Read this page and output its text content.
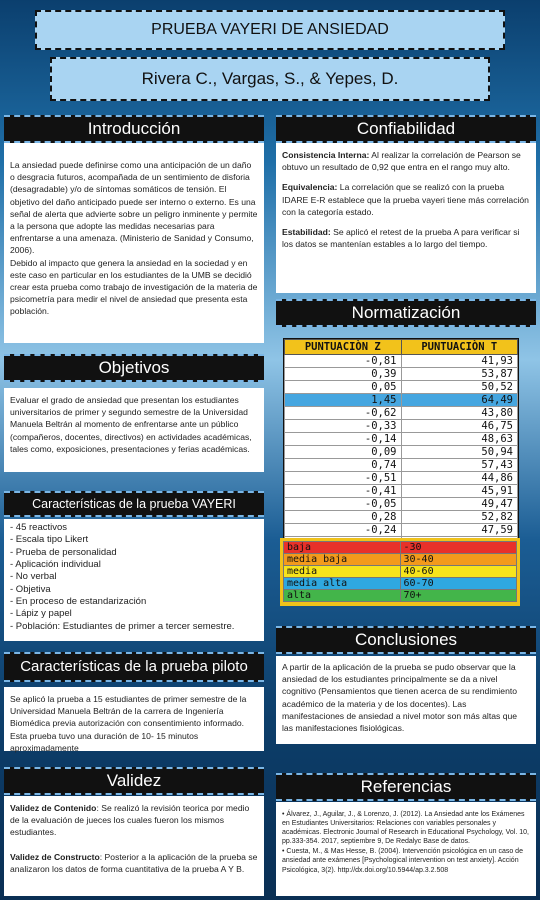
PRUEBA VAYERI DE ANSIEDAD
Rivera C., Vargas, S., & Yepes, D.
Introducción

La ansiedad puede definirse como una anticipación de un daño o desgracia futuros, acompañada de un sentimiento de disforia (desagradable) y/o de síntomas somáticos de tensión. El objetivo del daño anticipado puede ser interno o externo. Es una señal de alerta que advierte sobre un peligro inminente y permite a la persona que adopte las medidas necesarias para enfrentarse a una amenaza. (Ministerio de Sanidad y Consumo, 2006).

Debido al impacto que genera la ansiedad en la sociedad y en este caso en particular en los estudiantes de la UMB se decidió crear esta prueba como trabajo de investigación de la materia de psicometría para medir el nivel de ansiedad que presenta esta población.

Confiabilidad

Consistencia Interna: Al realizar la correlación de Pearson se obtuvo un resultado de 0,92 que entra en el rango muy alto.

Equivalencia: La correlación que se realizó con la prueba IDARE E-R establece que la prueba vayeri tiene más correlación con la categoría estado.

Estabilidad: Se aplicó el retest de la prueba A para verificar si los datos se mantenían estables a lo largo del tiempo.

Normatización
PUNTUACIÒN Z	PUNTUACIÒN T
-0,81	41,93
0,39	53,87
0,05	50,52
1,45	64,49
-0,62	43,80
-0,33	46,75
-0,14	48,63
0,09	50,94
0,74	57,43
-0,51	44,86
-0,41	45,91
-0,05	49,47
0,28	52,82
-0,24	47,59

baja	-30
media baja	30-40
media	40-60
media alta	60-70
alta	70+
Objetivos

Evaluar el grado de ansiedad que presentan los estudiantes universitarios de primer y segundo semestre de la Universidad Manuela Beltrán al momento de enfrentarse ante un público (compañeros, docentes, directivos) en actividades académicas, tales como, exposiciones, presentaciones y ferias académicas.

Características de la prueba VAYERI
- 45 reactivos
- Escala tipo Likert
- Prueba de personalidad
- Aplicación individual
- No verbal
- Objetiva
- En proceso de estandarización
- Lápiz y papel
- Población: Estudiantes de primer a tercer semestre.
Características de la prueba piloto

Se aplicó la prueba a 15 estudiantes de primer semestre de la Universidad Manuela Beltrán de la carrera de Ingeniería Biomédica previa autorización con consentimiento informado. Esta prueba tuvo una duración de 10- 15 minutos aproximadamente

Conclusiones

A partir de la aplicación de la prueba se pudo observar que la ansiedad de los estudiantes principalmente se da a nivel cognitivo (Pensamientos que tienen acerca de su rendimiento académico de la materia y de los docentes). Las manifestaciones de ansiedad a nivel motor son más altas que las manifestaciones fisiológicas.

Validez

Validez de Contenido: Se realizó la revisión teorica por medio de la evaluación de jueces los cuales fueron los mismos estudiantes.

Validez de Constructo: Posterior a la aplicación de la prueba se analizaron los datos de forma cuantitativa de la prueba A Y B.

Referencias
• Álvarez, J., Aguilar, J., & Lorenzo, J. (2012). La Ansiedad ante los Exámenes en Estudiantes Universitarios: Relaciones con variables personales y académicas. Electronic Journal of Research in Educational Psychology, Vol. 10, pp.333-354. 2017, septiembre 9, De Redalyc Base de datos.
• Cuesta, M., & Mas Hesse, B. (2004). Intervención psicológica en un caso de ansiedad ante exámenes [Psychological intervention on test anxiety]. Acción Psicológica, 3(2). http://dx.doi.org/10.5944/ap.3.2.508
